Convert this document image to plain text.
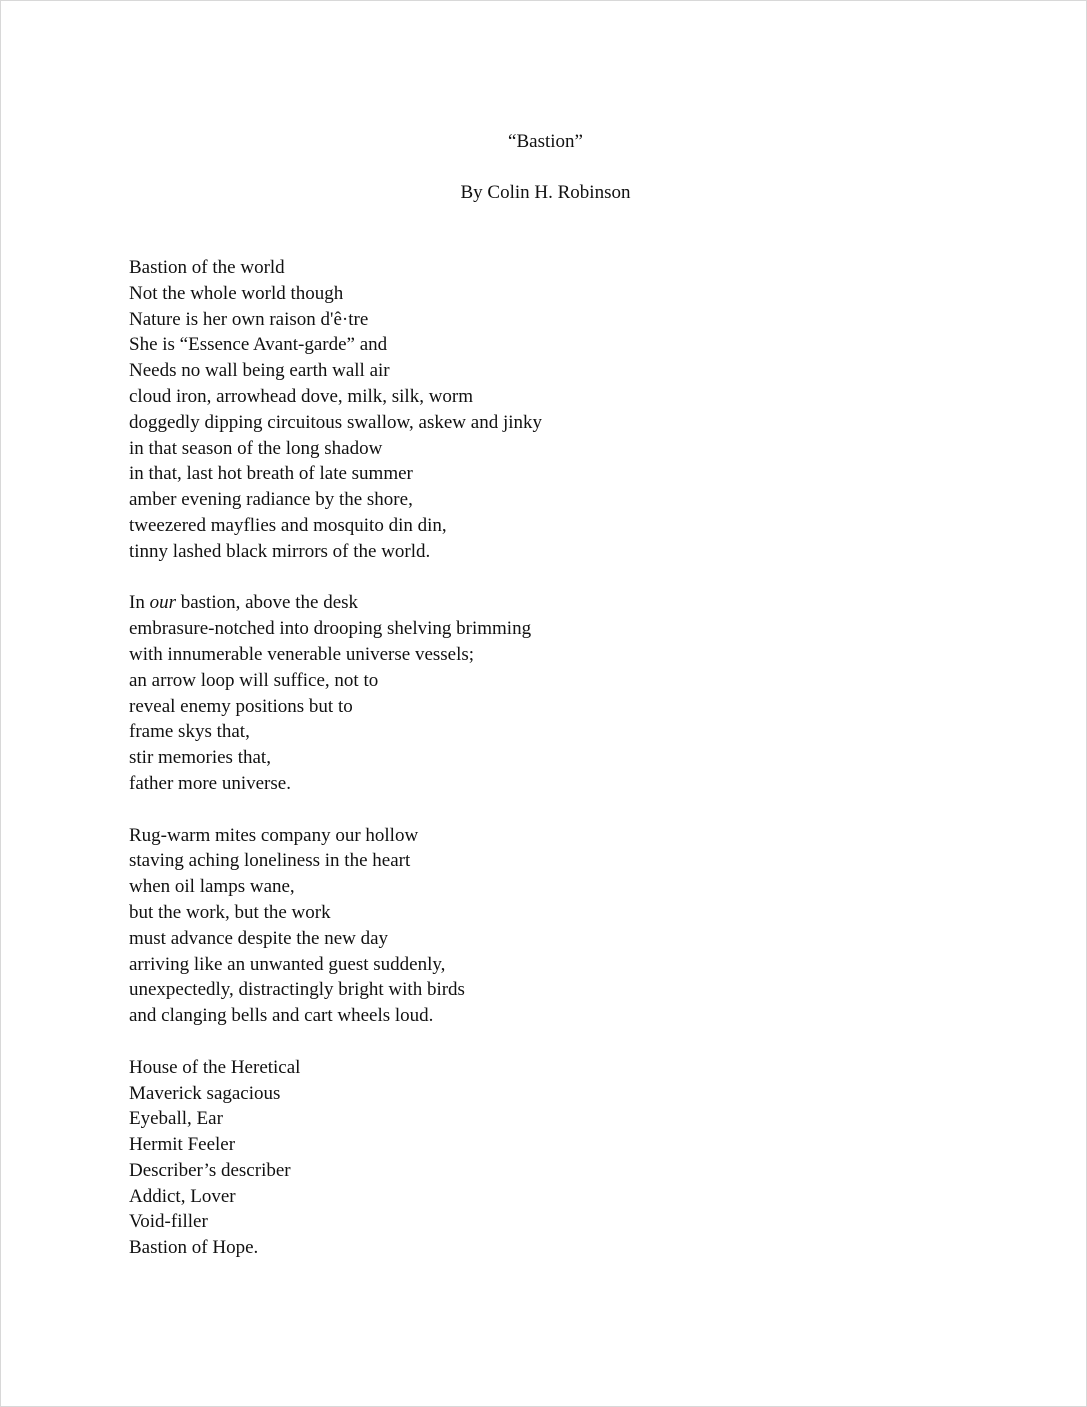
“Bastion”

By Colin H. Robinson

Bastion of the world
Not the whole world though
Nature is her own raison d'ê·tre
She is “Essence Avant-garde” and
Needs no wall being earth wall air
cloud iron, arrowhead dove, milk, silk, worm
doggedly dipping circuitous swallow, askew and jinky
in that season of the long shadow
in that, last hot breath of late summer
amber evening radiance by the shore,
tweezered mayflies and mosquito din din,
tinny lashed black mirrors of the world.
In our bastion, above the desk
embrasure-notched into drooping shelving brimming
with innumerable venerable universe vessels;
an arrow loop will suffice, not to
reveal enemy positions but to
frame skys that,
stir memories that,
father more universe.
Rug-warm mites company our hollow
staving aching loneliness in the heart
when oil lamps wane,
but the work, but the work
must advance despite the new day
arriving like an unwanted guest suddenly,
unexpectedly, distractingly bright with birds
and clanging bells and cart wheels loud.
House of the Heretical
Maverick sagacious
Eyeball, Ear
Hermit Feeler
Describer’s describer
Addict, Lover
Void-filler
Bastion of Hope.
